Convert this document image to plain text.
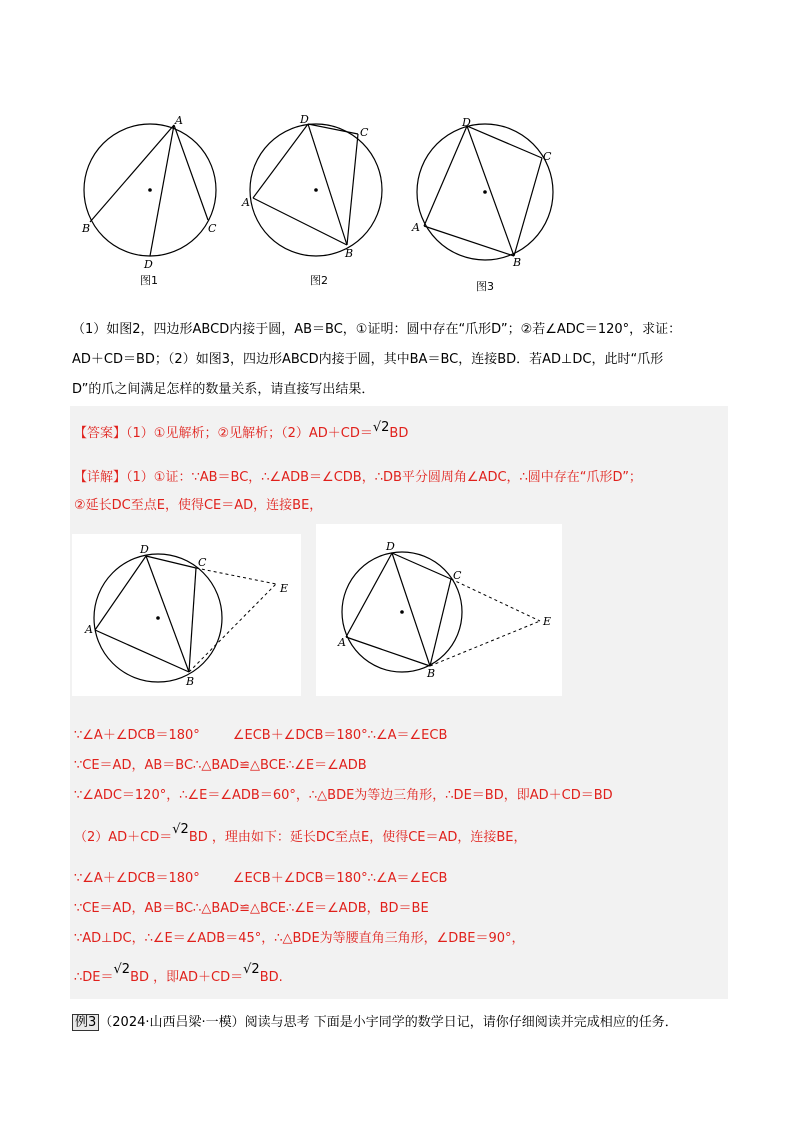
A
B	C
D
图1
D
C
A
B
图2
D
C
A
B
图3
（1）如图2，四边形ABCD内接于圆，AB＝BC，①证明：圆中存在“爪形D”；②若∠ADC＝120°，求证：
AD＋CD＝BD；（2）如图3，四边形ABCD内接于圆，其中BA＝BC，连接BD．若AD⊥DC，此时“爪形
D”的爪之间满足怎样的数量关系，请直接写出结果．
【答案】（1）①见解析；②见解析；（2）AD＋CD＝√2BD
【详解】（1）①证：∵AB＝BC，∴∠ADB＝∠CDB，∴DB平分圆周角∠ADC，∴圆中存在“爪形D”；
②延长DC至点E，使得CE＝AD，连接BE，
D
C
A
B
E
D
C
A
B
E
∵∠A＋∠DCB＝180°        ∠ECB＋∠DCB＝180°∴∠A＝∠ECB
∵CE＝AD，AB＝BC∴△BAD≌△BCE∴∠E＝∠ADB
∵∠ADC＝120°，∴∠E＝∠ADB＝60°，∴△BDE为等边三角形，∴DE＝BD，即AD＋CD＝BD
（2）AD＋CD＝√2BD ，理由如下：延长DC至点E，使得CE＝AD，连接BE，
∵∠A＋∠DCB＝180°        ∠ECB＋∠DCB＝180°∴∠A＝∠ECB
∵CE＝AD，AB＝BC∴△BAD≌△BCE∴∠E＝∠ADB，BD＝BE
∵AD⊥DC，∴∠E＝∠ADB＝45°，∴△BDE为等腰直角三角形，∠DBE＝90°，
∴DE＝√2BD ，即AD＋CD＝√2BD.
例3 （2024·山西吕梁·一模）阅读与思考 下面是小宇同学的数学日记，请你仔细阅读并完成相应的任务．
